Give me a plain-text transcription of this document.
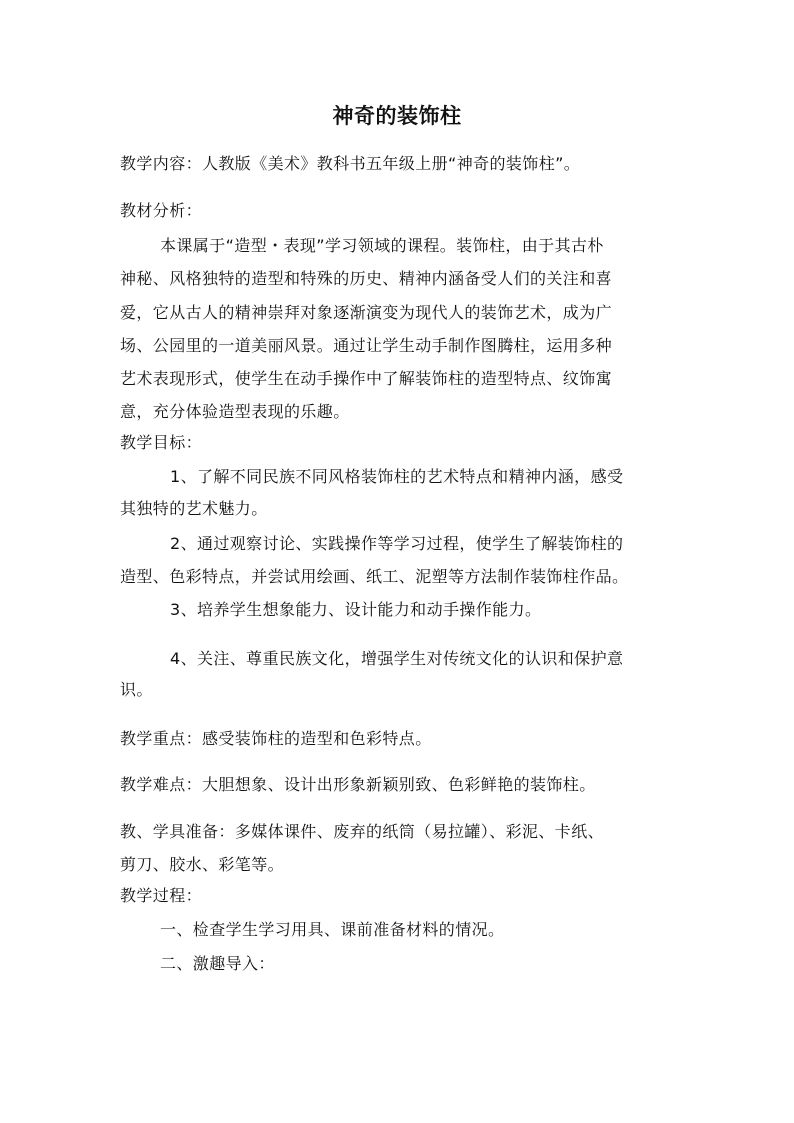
神奇的装饰柱
教学内容：人教版《美术》教科书五年级上册“神奇的装饰柱”。
教材分析：
本课属于“造型・表现”学习领域的课程。装饰柱，由于其古朴
神秘、风格独特的造型和特殊的历史、精神内涵备受人们的关注和喜
爱，它从古人的精神崇拜对象逐渐演变为现代人的装饰艺术，成为广
场、公园里的一道美丽风景。通过让学生动手制作图腾柱，运用多种
艺术表现形式，使学生在动手操作中了解装饰柱的造型特点、纹饰寓
意，充分体验造型表现的乐趣。
教学目标：
1、了解不同民族不同风格装饰柱的艺术特点和精神内涵，感受
其独特的艺术魅力。
2、通过观察讨论、实践操作等学习过程，使学生了解装饰柱的
造型、色彩特点，并尝试用绘画、纸工、泥塑等方法制作装饰柱作品。
3、培养学生想象能力、设计能力和动手操作能力。
4、关注、尊重民族文化，增强学生对传统文化的认识和保护意
识。
教学重点：感受装饰柱的造型和色彩特点。
教学难点：大胆想象、设计出形象新颖别致、色彩鲜艳的装饰柱。
教、学具准备：多媒体课件、废弃的纸筒（易拉罐）、彩泥、卡纸、
剪刀、胶水、彩笔等。
教学过程：
一、检查学生学习用具、课前准备材料的情况。
二、激趣导入：
